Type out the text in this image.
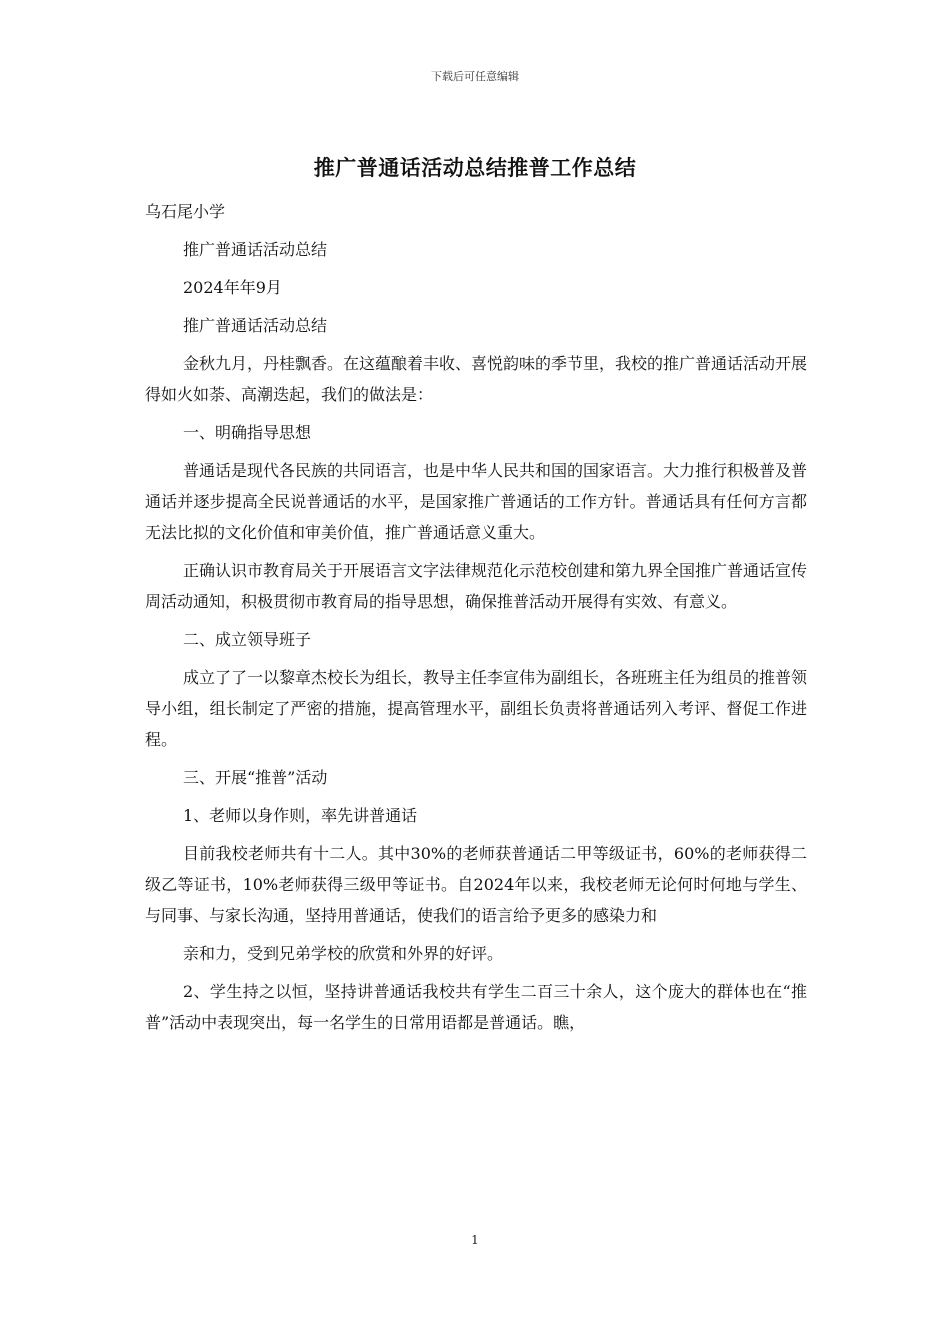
下载后可任意编辑
推广普通话活动总结推普工作总结

乌石尾小学

推广普通话活动总结

2024年年9月

推广普通话活动总结

金秋九月，丹桂飘香。在这蕴酿着丰收、喜悦韵味的季节里，我校的推广普通话活动开展得如火如荼、高潮迭起，我们的做法是：

一、明确指导思想

普通话是现代各民族的共同语言，也是中华人民共和国的国家语言。大力推行积极普及普通话并逐步提高全民说普通话的水平，是国家推广普通话的工作方针。普通话具有任何方言都无法比拟的文化价值和审美价值，推广普通话意义重大。

正确认识市教育局关于开展语言文字法律规范化示范校创建和第九界全国推广普通话宣传周活动通知，积极贯彻市教育局的指导思想，确保推普活动开展得有实效、有意义。

二、成立领导班子

成立了了一以黎章杰校长为组长，教导主任李宣伟为副组长，各班班主任为组员的推普领导小组，组长制定了严密的措施，提高管理水平，副组长负责将普通话列入考评、督促工作进程。

三、开展“推普”活动

1、老师以身作则，率先讲普通话

目前我校老师共有十二人。其中30%的老师获普通话二甲等级证书，60%的老师获得二级乙等证书，10%老师获得三级甲等证书。自2024年以来，我校老师无论何时何地与学生、与同事、与家长沟通，坚持用普通话，使我们的语言给予更多的感染力和

亲和力，受到兄弟学校的欣赏和外界的好评。

2、学生持之以恒，坚持讲普通话我校共有学生二百三十余人，这个庞大的群体也在“推普”活动中表现突出，每一名学生的日常用语都是普通话。瞧，

1
